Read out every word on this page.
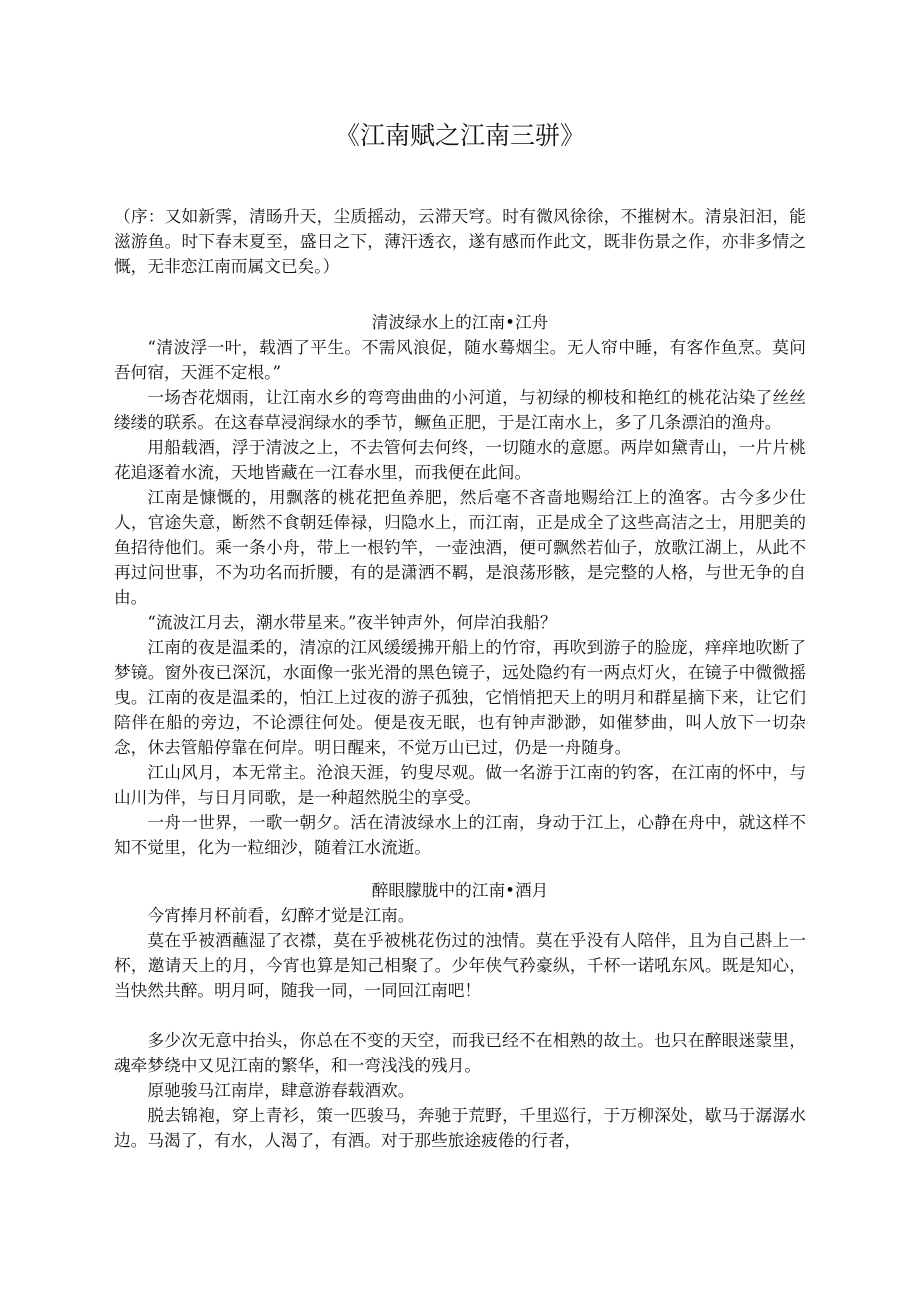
《江南赋之江南三骈》

（序：又如新霁，清旸升天，尘质摇动，云滞天穹。时有微风徐徐，不摧树木。清泉汩汩，能滋游鱼。时下春末夏至，盛日之下，薄汗透衣，遂有感而作此文，既非伤景之作，亦非多情之慨，无非恋江南而属文已矣。）

清波绿水上的江南•江舟

“清波浮一叶，载酒了平生。不需风浪促，随水蓦烟尘。无人帘中睡，有客作鱼烹。莫问吾何宿，天涯不定根。”

一场杏花烟雨，让江南水乡的弯弯曲曲的小河道，与初绿的柳枝和艳红的桃花沾染了丝丝缕缕的联系。在这春草浸润绿水的季节，鳜鱼正肥，于是江南水上，多了几条漂泊的渔舟。

用船载酒，浮于清波之上，不去管何去何终，一切随水的意愿。两岸如黛青山，一片片桃花追逐着水流，天地皆藏在一江春水里，而我便在此间。

江南是慷慨的，用飘落的桃花把鱼养肥，然后毫不吝啬地赐给江上的渔客。古今多少仕人，官途失意，断然不食朝廷俸禄，归隐水上，而江南，正是成全了这些高洁之士，用肥美的鱼招待他们。乘一条小舟，带上一根钓竿，一壶浊酒，便可飘然若仙子，放歌江湖上，从此不再过问世事，不为功名而折腰，有的是潇洒不羁，是浪荡形骸，是完整的人格，与世无争的自由。

“流波江月去，潮水带星来。”夜半钟声外，何岸泊我船？

江南的夜是温柔的，清凉的江风缓缓拂开船上的竹帘，再吹到游子的脸庞，痒痒地吹断了梦镜。窗外夜已深沉，水面像一张光滑的黑色镜子，远处隐约有一两点灯火，在镜子中微微摇曳。江南的夜是温柔的，怕江上过夜的游子孤独，它悄悄把天上的明月和群星摘下来，让它们陪伴在船的旁边，不论漂往何处。便是夜无眠，也有钟声渺渺，如催梦曲，叫人放下一切杂念，休去管船停靠在何岸。明日醒来，不觉万山已过，仍是一舟随身。

江山风月，本无常主。沧浪天涯，钓叟尽观。做一名游于江南的钓客，在江南的怀中，与山川为伴，与日月同歌，是一种超然脱尘的享受。

一舟一世界，一歌一朝夕。活在清波绿水上的江南，身动于江上，心静在舟中，就这样不知不觉里，化为一粒细沙，随着江水流逝。

醉眼朦胧中的江南•酒月

今宵捧月杯前看，幻醉才觉是江南。

莫在乎被酒蘸湿了衣襟，莫在乎被桃花伤过的浊情。莫在乎没有人陪伴，且为自己斟上一杯，邀请天上的月，今宵也算是知己相聚了。少年侠气矜豪纵，千杯一诺吼东风。既是知心，当快然共醉。明月呵，随我一同，一同回江南吧！

多少次无意中抬头，你总在不变的天空，而我已经不在相熟的故土。也只在醉眼迷蒙里，魂牵梦绕中又见江南的繁华，和一弯浅浅的残月。

原驰骏马江南岸，肆意游春载酒欢。

脱去锦袍，穿上青衫，策一匹骏马，奔驰于荒野，千里巡行，于万柳深处，歇马于潺潺水边。马渴了，有水，人渴了，有酒。对于那些旅途疲倦的行者，
